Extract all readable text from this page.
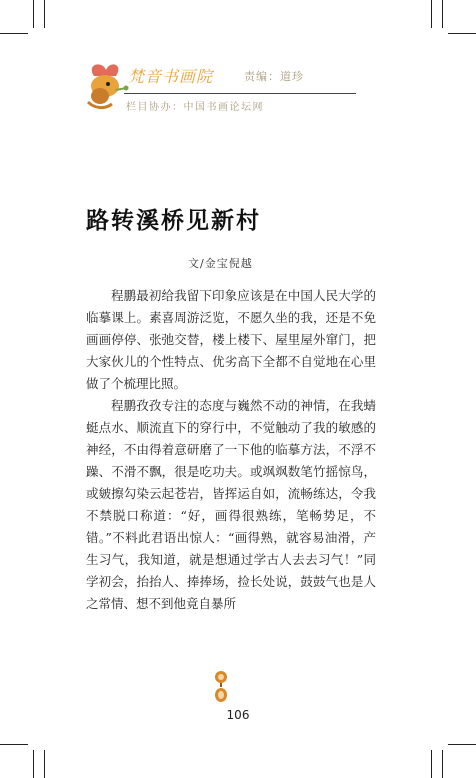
梵音书画院	责编：道珍
栏目协办：中国书画论坛网
路转溪桥见新村
文/金宝倪越

程鹏最初给我留下印象应该是在中国人民大学的临摹课上。素喜周游泛览，不愿久坐的我，还是不免画画停停、张弛交替，楼上楼下、屋里屋外窜门，把大家伙儿的个性特点、优劣高下全都不自觉地在心里做了个梳理比照。

程鹏孜孜专注的态度与巍然不动的神情，在我蜻蜓点水、顺流直下的穿行中，不觉触动了我的敏感的神经，不由得着意研磨了一下他的临摹方法，不浮不躁、不滑不飘，很是吃功夫。或飒飒数笔竹摇惊鸟，或皴擦勾染云起苍岩，皆挥运自如，流畅练达，令我不禁脱口称道：“好，画得很熟练，笔畅势足，不错。”不料此君语出惊人：“画得熟，就容易油滑，产生习气，我知道，就是想通过学古人去去习气！”同学初会，抬抬人、捧捧场，捡长处说，鼓鼓气也是人之常情、想不到他竟自暴所

106
